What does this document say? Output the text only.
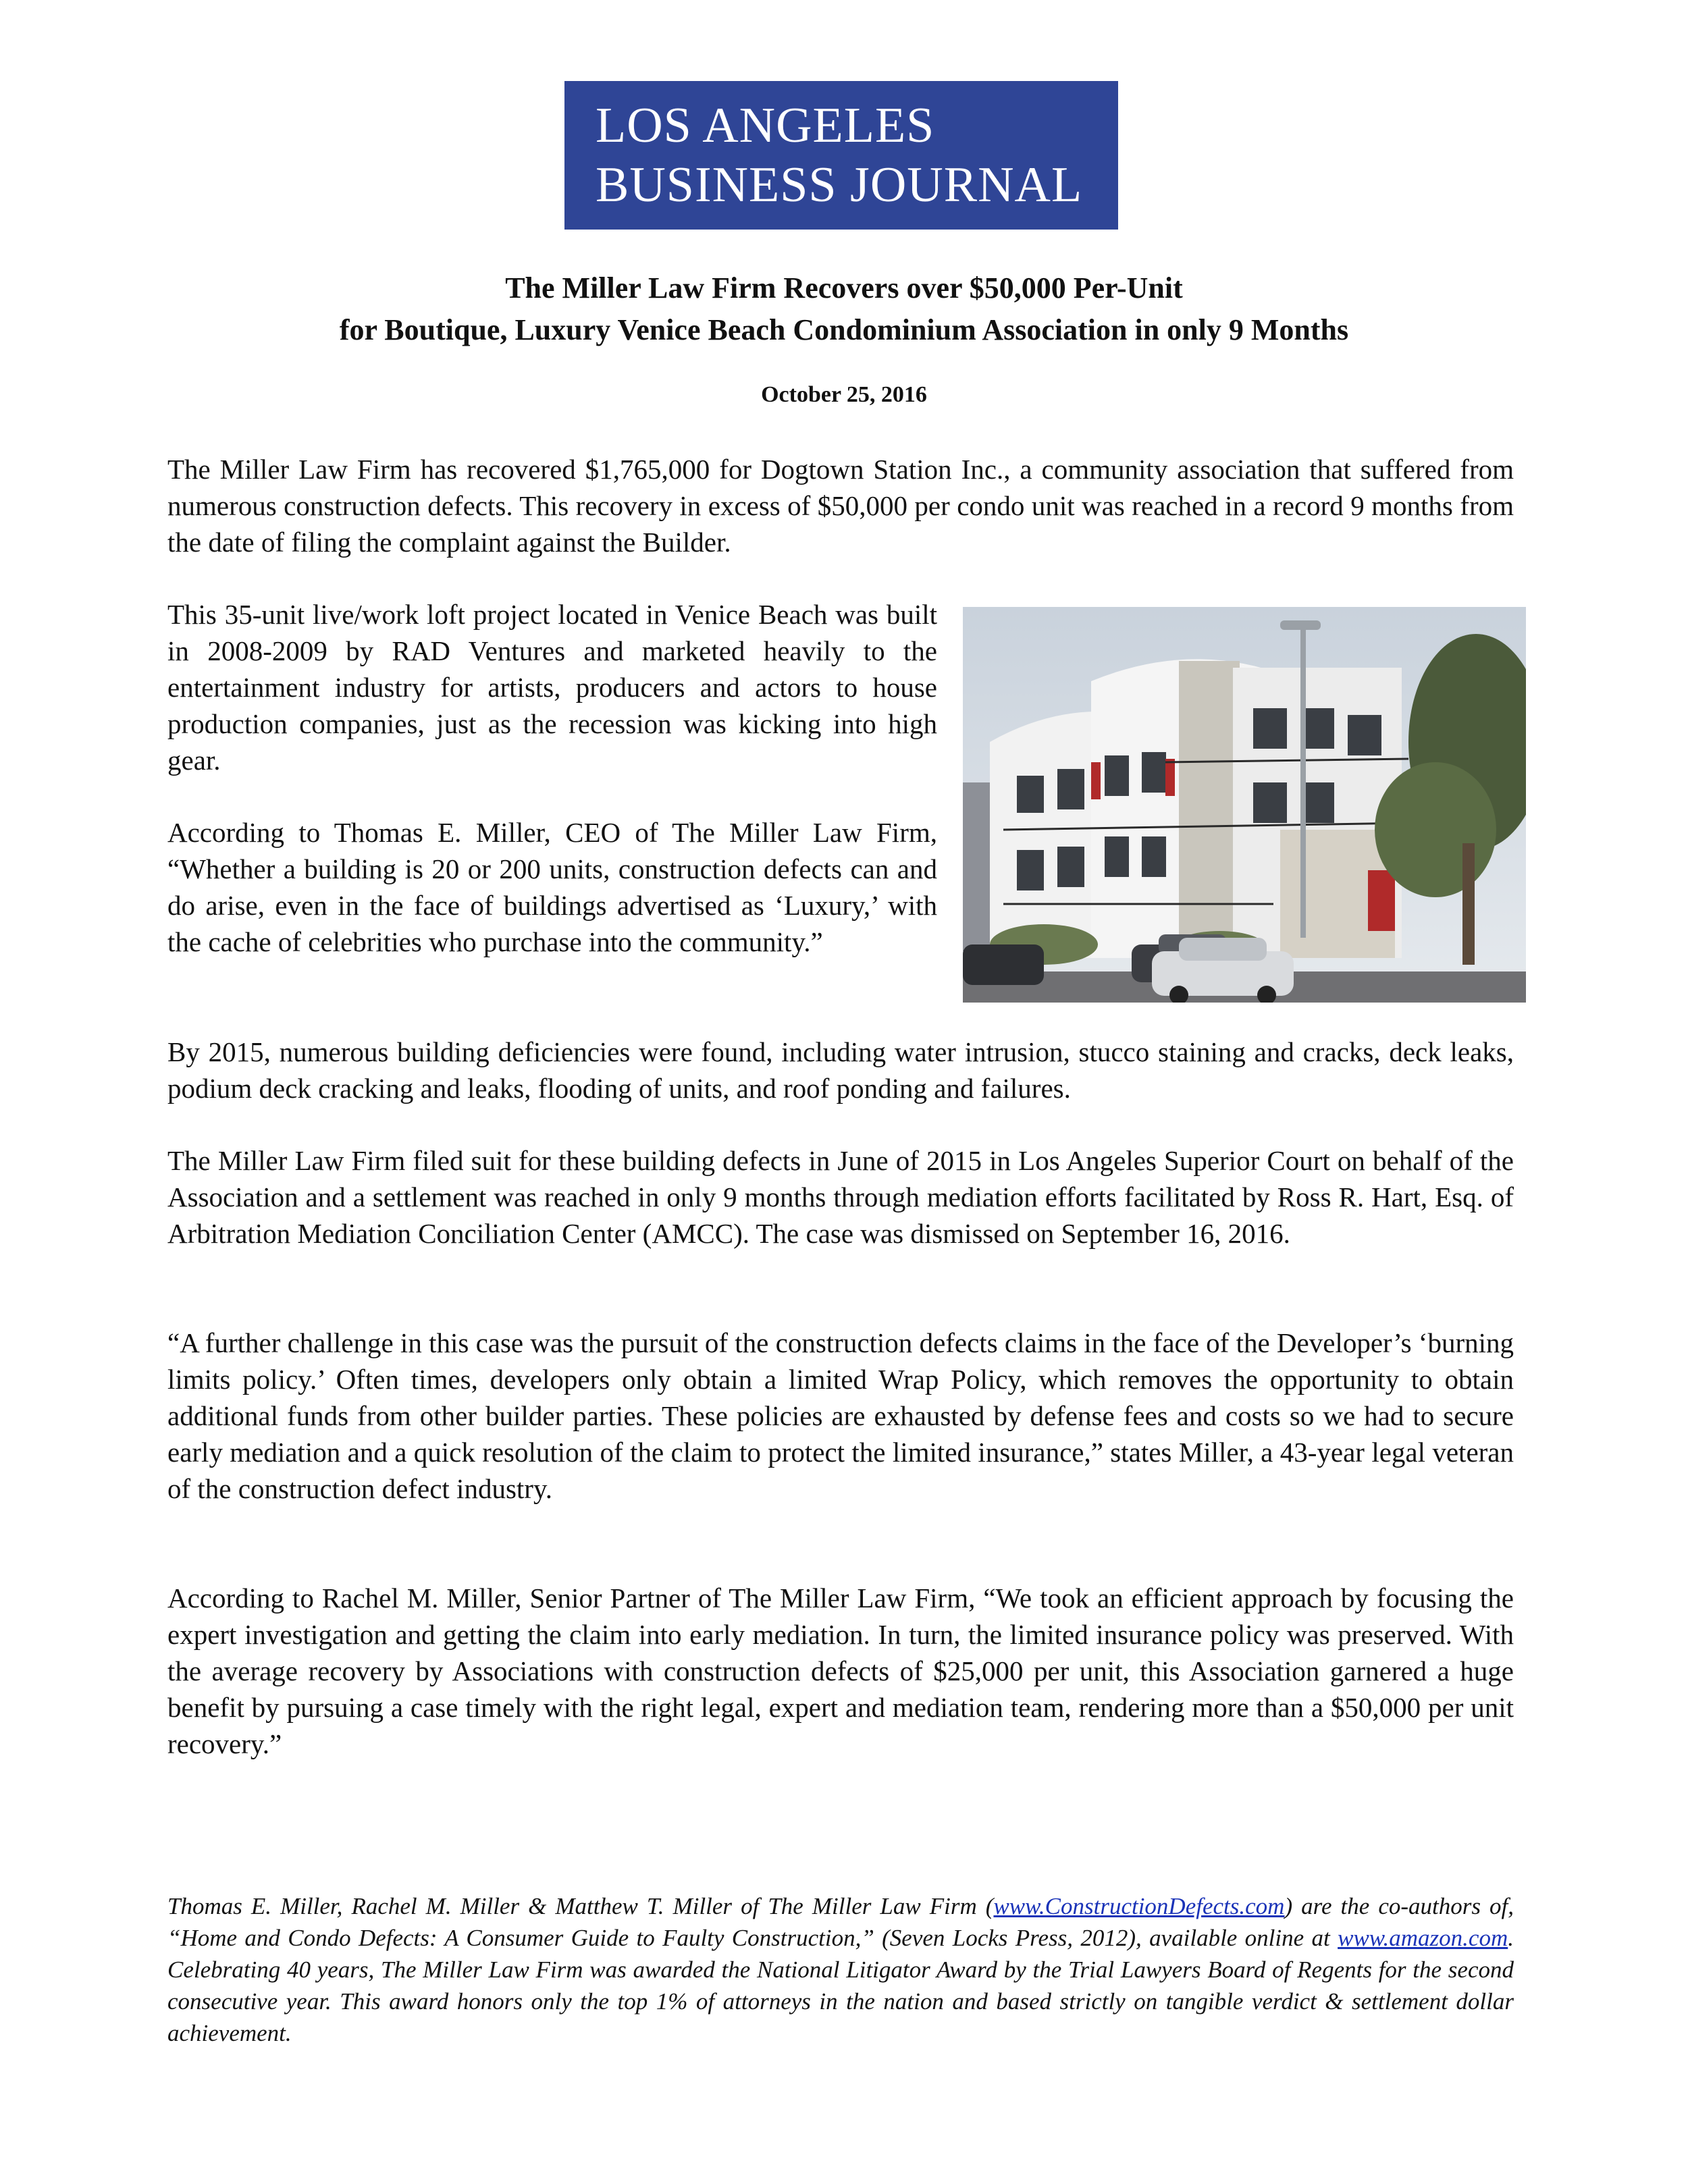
LOS ANGELES
BUSINESS JOURNAL
The Miller Law Firm Recovers over $50,000 Per-Unit
for Boutique, Luxury Venice Beach Condominium Association in only 9 Months
October 25, 2016

The Miller Law Firm has recovered $1,765,000 for Dogtown Station Inc., a community association that suffered from numerous construction defects. This recovery in excess of $50,000 per condo unit was reached in a record 9 months from the date of filing the complaint against the Builder.

This 35-unit live/work loft project located in Venice Beach was built in 2008-2009 by RAD Ventures and marketed heavily to the entertainment industry for artists, producers and actors to house production companies, just as the recession was kicking into high gear.

According to Thomas E. Miller, CEO of The Miller Law Firm, “Whether a building is 20 or 200 units, construction defects can and do arise, even in the face of buildings advertised as ‘Luxury,’ with the cache of celebrities who purchase into the community.”

By 2015, numerous building deficiencies were found, including water intrusion, stucco staining and cracks, deck leaks, podium deck cracking and leaks, flooding of units, and roof ponding and failures.

The Miller Law Firm filed suit for these building defects in June of 2015 in Los Angeles Superior Court on behalf of the Association and a settlement was reached in only 9 months through mediation efforts facilitated by Ross R. Hart, Esq. of Arbitration Mediation Conciliation Center (AMCC). The case was dismissed on September 16, 2016.

“A further challenge in this case was the pursuit of the construction defects claims in the face of the Developer’s ‘burning limits policy.’ Often times, developers only obtain a limited Wrap Policy, which removes the opportunity to obtain additional funds from other builder parties. These policies are exhausted by defense fees and costs so we had to secure early mediation and a quick resolution of the claim to protect the limited insurance,” states Miller, a 43-year legal veteran of the construction defect industry.

According to Rachel M. Miller, Senior Partner of The Miller Law Firm, “We took an efficient approach by focusing the expert investigation and getting the claim into early mediation. In turn, the limited insurance policy was preserved. With the average recovery by Associations with construction defects of $25,000 per unit, this Association garnered a huge benefit by pursuing a case timely with the right legal, expert and mediation team, rendering more than a $50,000 per unit recovery.”

Thomas E. Miller, Rachel M. Miller & Matthew T. Miller of The Miller Law Firm (www.ConstructionDefects.com) are the co-authors of, “Home and Condo Defects: A Consumer Guide to Faulty Construction,” (Seven Locks Press, 2012), available online at www.amazon.com. Celebrating 40 years, The Miller Law Firm was awarded the National Litigator Award by the Trial Lawyers Board of Regents for the second consecutive year. This award honors only the top 1% of attorneys in the nation and based strictly on tangible verdict & settlement dollar achievement.
